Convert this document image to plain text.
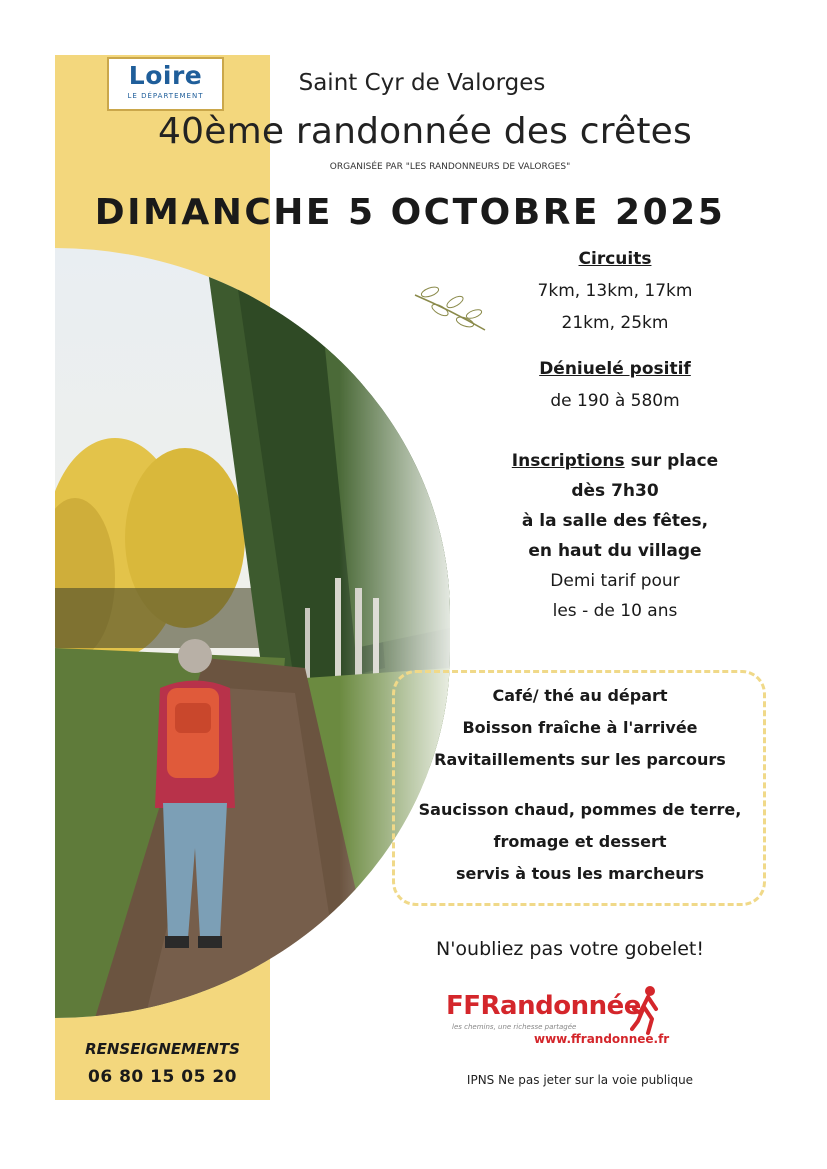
Loire
LE DÉPARTEMENT	Saint Cyr de Valorges
40ème randonnée des crêtes
ORGANISÉE PAR "LES RANDONNEURS DE VALORGES"
DIMANCHE 5 OCTOBRE 2025
Circuits
7km, 13km, 17km
21km, 25km
Déniuelé positif
de 190 à 580m
Inscriptions sur place
dès 7h30
à la salle des fêtes,
en haut du village
Demi tarif pour
les - de 10 ans
Café/ thé au départ
Boisson fraîche à l'arrivée
Ravitaillements sur les parcours
Saucisson chaud, pommes de terre,
fromage et dessert
servis à tous les marcheurs
N'oubliez pas votre gobelet!
FFRandonnée
les chemins, une richesse partagée
www.ffrandonnee.fr
IPNS Ne pas jeter sur la voie publique
RENSEIGNEMENTS
06 80 15 05 20
